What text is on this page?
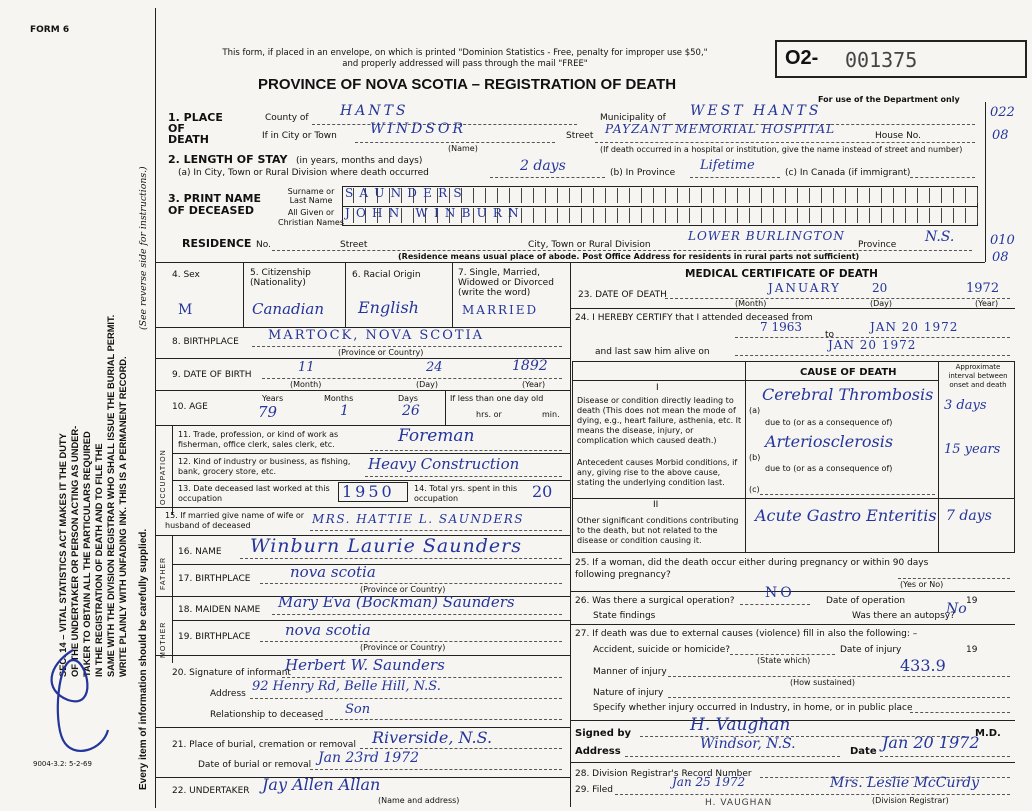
FORM 6
SEC. 14 – VITAL STATISTICS ACT MAKES IT THE DUTY OF THE UNDERTAKER OR PERSON ACTING AS UNDER- TAKER TO OBTAIN ALL THE PARTICULARS REQUIRED IN THE REGISTRATION OF DEATH AND TO FILE THE SAME WITH THE DIVISION REGISTRAR WHO SHALL ISSUE THE BURIAL PERMIT. WRITE PLAINLY WITH UNFADING INK. THIS IS A PERMANENT RECORD. Every item of information should be carefully supplied.
(See reverse side for instructions.)
9004-3.2: 5-2-69
This form, if placed in an envelope, on which is printed "Dominion Statistics - Free, penalty for improper use $50," and properly addressed will pass through the mail "FREE"
PROVINCE OF NOVA SCOTIA – REGISTRATION OF DEATH
O2- 001375
For use of the Department only
022
08
010
08
1. PLACE OF DEATH
County of HANTS	Municipality of WEST HANTS
If in City or Town WINDSOR
(Name)
Street PAYZANT MEMORIAL HOSPITAL	House No.
(If death occurred in a hospital or institution, give the name instead of street and number)
2. LENGTH OF STAY (in years, months and days)
(a) In City, Town or Rural Division where death occurred	2 days	(b) In Province Lifetime	(c) In Canada (if immigrant)
3. PRINT NAME OF DECEASED
Surname or Last Name
All Given or Christian Names
SAUNDERS
JOHN WINBURN
RESIDENCE No.	Street	City, Town or Rural Division
LOWER BURLINGTON
Province N.S.
(Residence means usual place of abode. Post Office Address for residents in rural parts not sufficient)
4. Sex
M
5. Citizenship (Nationality)
Canadian
6. Racial Origin
English
7. Single, Married, Widowed or Divorced (write the word)
MARRIED
8. BIRTHPLACE MARTOCK, NOVA SCOTIA
(Province or Country)
9. DATE OF BIRTH	11	24	1892
(Month)	(Day)	(Year)
10. AGE
Years
79
Months
1
Days
26
If less than one day old
hrs. or	min.
OCCUPATION
11. Trade, profession, or kind of work as fisherman, office clerk, sales clerk, etc.	Foreman
12. Kind of industry or business, as fishing, bank, grocery store, etc.	Heavy Construction
13. Date deceased last worked at this occupation	1950 14. Total yrs. spent in this occupation	20
15. If married give name of wife or husband of deceased	MRS. HATTIE L. SAUNDERS
FATHER
MOTHER
16. NAME Winburn Laurie Saunders
17. BIRTHPLACE	nova scotia
(Province or Country)
18. MAIDEN NAME Mary Eva (Bockman) Saunders
19. BIRTHPLACE nova scotia
(Province or Country)
20. Signature of informant
Herbert W. Saunders
Address 92 Henry Rd, Belle Hill, N.S.
Relationship to deceased Son
21. Place of burial, cremation or removal	Riverside, N.S.
Date of burial or removal Jan 23rd 1972
22. UNDERTAKER Jay Allen Allan
(Name and address)
MEDICAL CERTIFICATE OF DEATH
23. DATE OF DEATH	JANUARY	20	1972
(Month)	(Day)	(Year)
24. I HEREBY CERTIFY that I attended deceased from
7 1963
to
JAN 20 1972
and last saw him alive on	JAN 20 1972
CAUSE OF DEATH	Approximate interval between onset and death
I
Disease or condition directly leading to death (This does not mean the mode of dying, e.g., heart failure, asthenia, etc. It means the disease, injury, or complication which caused death.)
(a)
Cerebral Thrombosis
3 days
due to (or as a consequence of)
Antecedent causes Morbid conditions, if any, giving rise to the above cause, stating the underlying condition last.
(b)
Arteriosclerosis	15 years
due to (or as a consequence of)
(c)
II
Other significant conditions contributing to the death, but not related to the disease or condition causing it.
Acute Gastro Enteritis 7 days
25. If a woman, did the death occur either during pregnancy or within 90 days following pregnancy?
(Yes or No)
26. Was there a surgical operation? NO	Date of operation	19
State findings	Was there an autopsy?
No
27. If death was due to external causes (violence) fill in also the following: –
Accident, suicide or homicide?
(State which)
Date of injury	19
Manner of injury	433.9
(How sustained)
Nature of injury
Specify whether injury occurred in Industry, in home, or in public place
Signed by	H. Vaughan	M.D.
Address	Windsor, N.S.	Date Jan 20 1972
28. Division Registrar's Record Number
29. Filed
Jan 25 1972	Mrs. Leslie McCurdy
(Division Registrar)
H. VAUGHAN
